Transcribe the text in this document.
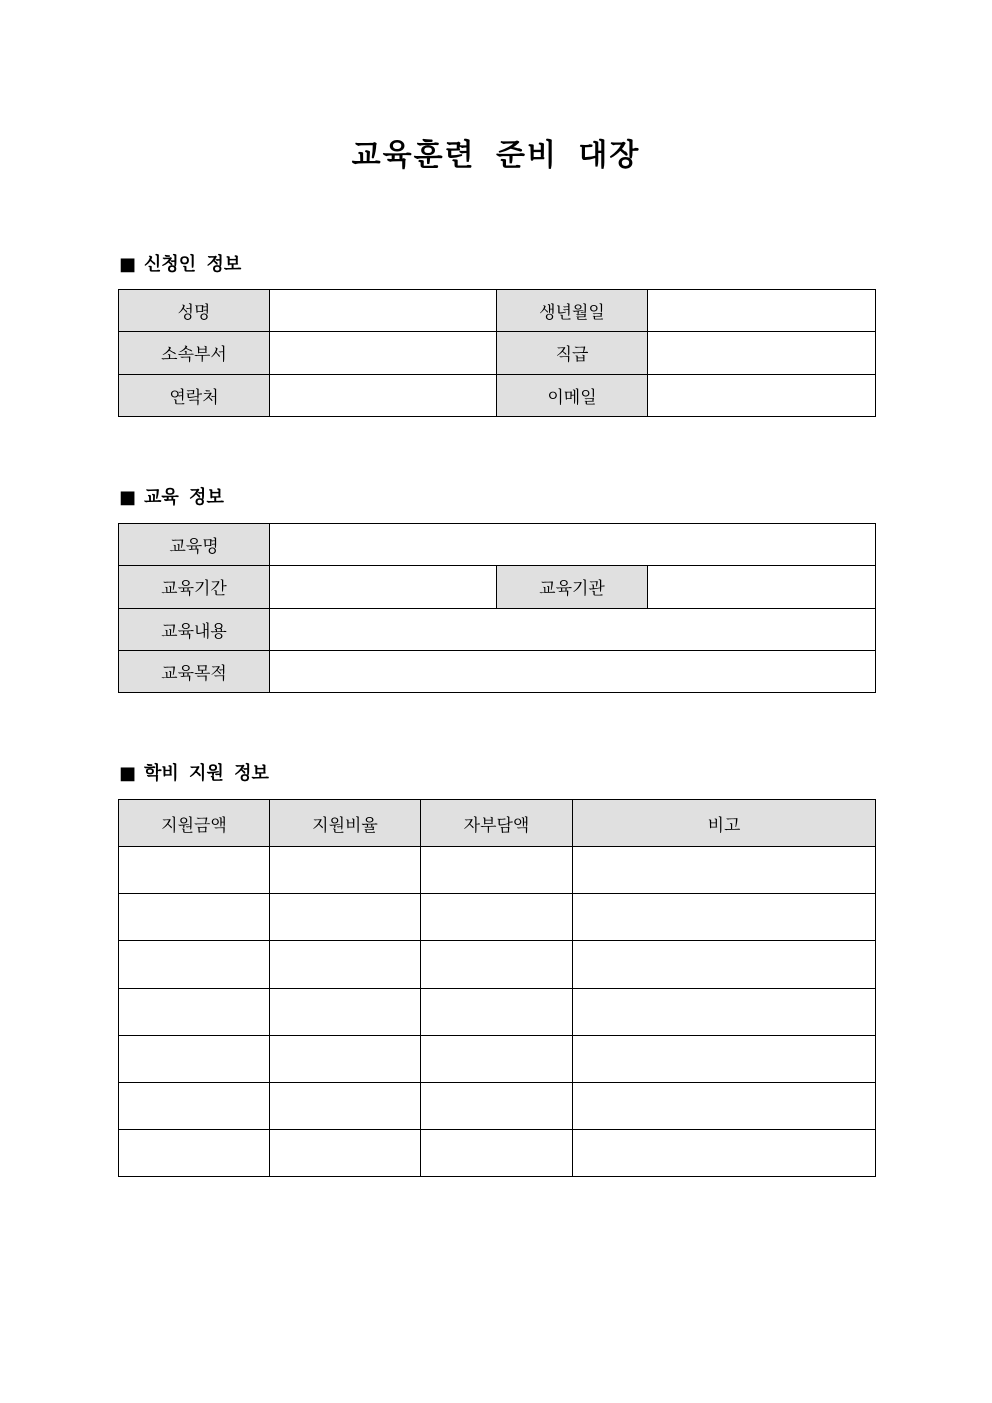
교육훈련 준비 대장
■ 신청인 정보
성명		생년월일	
소속부서		직급	
연락처		이메일	
■ 교육 정보
교육명			
교육기간		교육기관	
교육내용			
교육목적			
■ 학비 지원 정보
지원금액	지원비율	자부담액	비고
